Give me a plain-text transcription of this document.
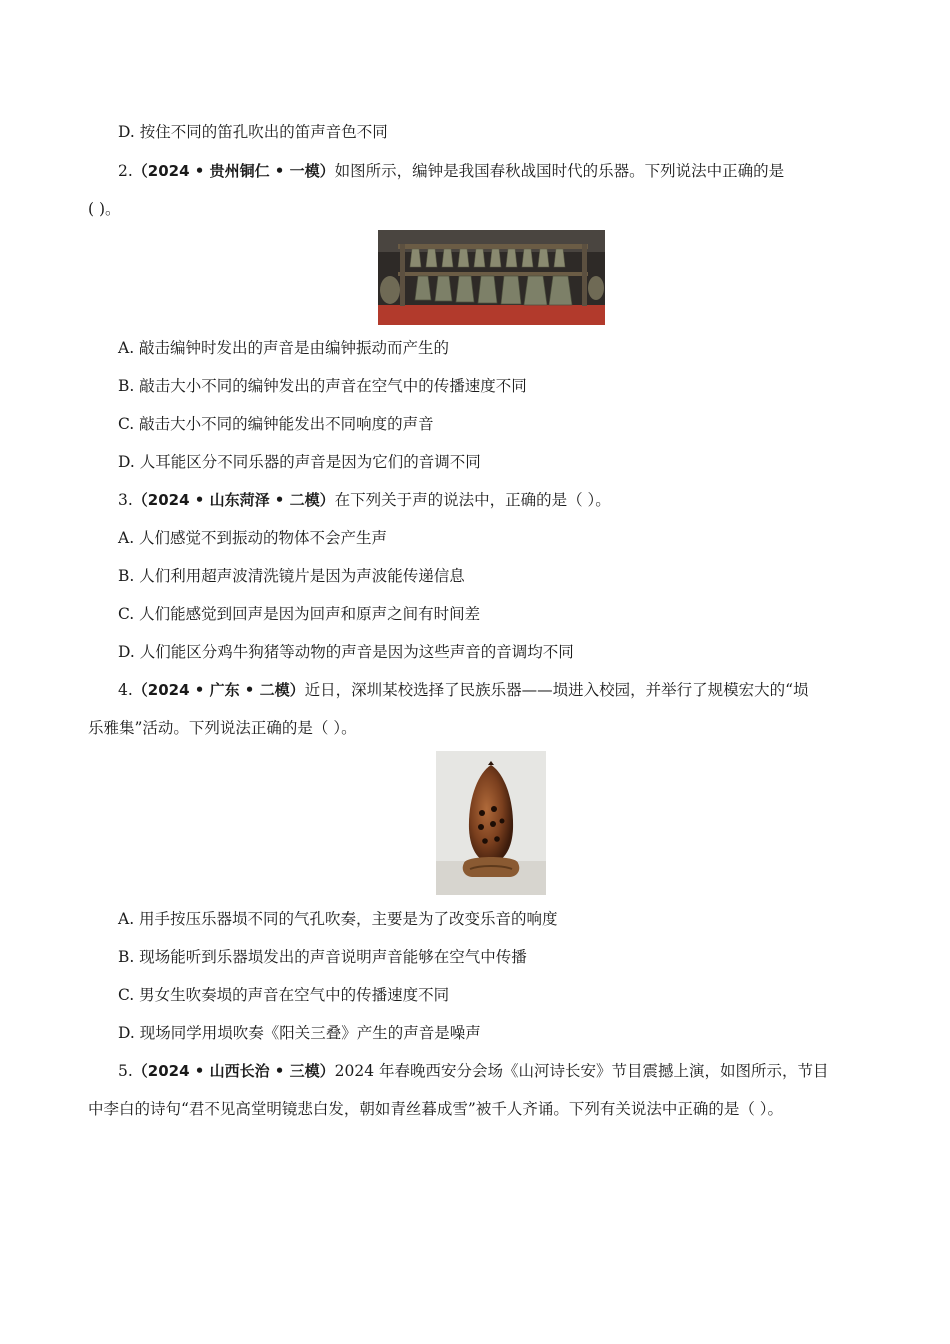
D. 按住不同的笛孔吹出的笛声音色不同
2.（2024 • 贵州铜仁 • 一模）如图所示，编钟是我国春秋战国时代的乐器。下列说法中正确的是
( )。
A. 敲击编钟时发出的声音是由编钟振动而产生的
B. 敲击大小不同的编钟发出的声音在空气中的传播速度不同
C. 敲击大小不同的编钟能发出不同响度的声音
D. 人耳能区分不同乐器的声音是因为它们的音调不同
3.（2024 • 山东菏泽 • 二模）在下列关于声的说法中，正确的是（ ）。
A. 人们感觉不到振动的物体不会产生声
B. 人们利用超声波清洗镜片是因为声波能传递信息
C. 人们能感觉到回声是因为回声和原声之间有时间差
D. 人们能区分鸡牛狗猪等动物的声音是因为这些声音的音调均不同
4.（2024 • 广东 • 二模）近日，深圳某校选择了民族乐器——埙进入校园，并举行了规模宏大的“埙
乐雅集”活动。下列说法正确的是（ ）。
A. 用手按压乐器埙不同的气孔吹奏，主要是为了改变乐音的响度
B. 现场能听到乐器埙发出的声音说明声音能够在空气中传播
C. 男女生吹奏埙的声音在空气中的传播速度不同
D. 现场同学用埙吹奏《阳关三叠》产生的声音是噪声
5.（2024 • 山西长治 • 三模）2024 年春晚西安分会场《山河诗长安》节目震撼上演，如图所示，节目
中李白的诗句“君不见高堂明镜悲白发，朝如青丝暮成雪”被千人齐诵。下列有关说法中正确的是（ ）。
